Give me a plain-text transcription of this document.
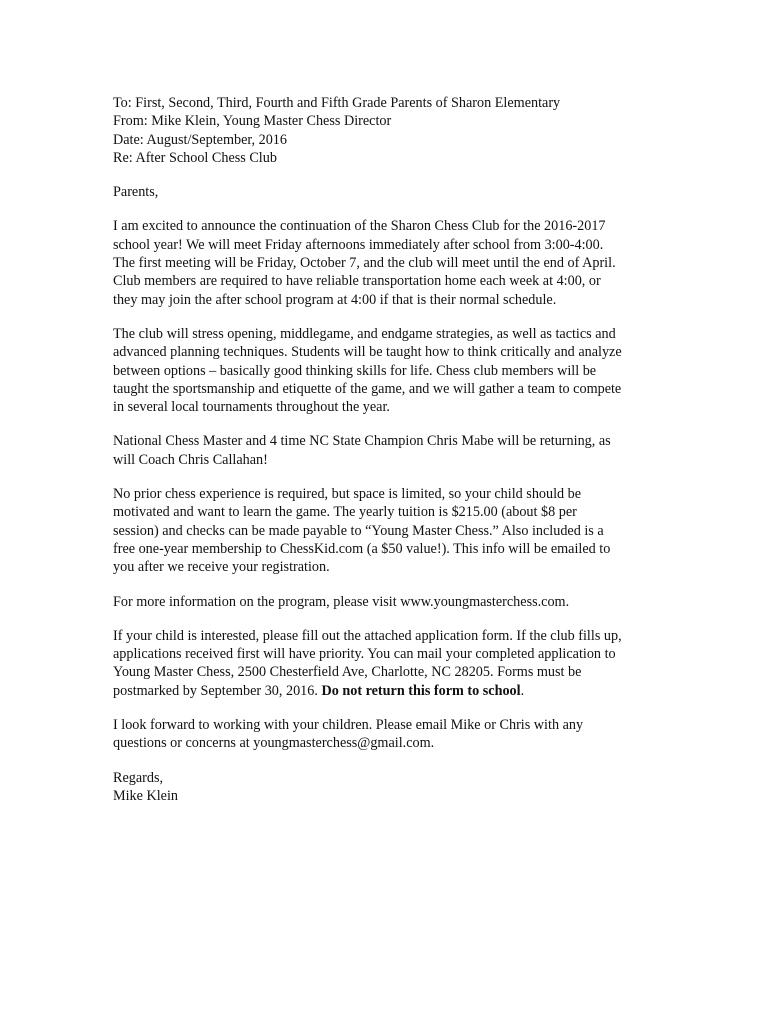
To: First, Second, Third, Fourth and Fifth Grade Parents of Sharon Elementary
From: Mike Klein, Young Master Chess Director
Date: August/September, 2016
Re: After School Chess Club

Parents,

I am excited to announce the continuation of the Sharon Chess Club for the 2016-2017
school year! We will meet Friday afternoons immediately after school from 3:00-4:00.
The first meeting will be Friday, October 7, and the club will meet until the end of April.
Club members are required to have reliable transportation home each week at 4:00, or
they may join the after school program at 4:00 if that is their normal schedule.

The club will stress opening, middlegame, and endgame strategies, as well as tactics and
advanced planning techniques. Students will be taught how to think critically and analyze
between options – basically good thinking skills for life. Chess club members will be
taught the sportsmanship and etiquette of the game, and we will gather a team to compete
in several local tournaments throughout the year.

National Chess Master and 4 time NC State Champion Chris Mabe will be returning, as
will Coach Chris Callahan!

No prior chess experience is required, but space is limited, so your child should be
motivated and want to learn the game. The yearly tuition is $215.00 (about $8 per
session) and checks can be made payable to “Young Master Chess.” Also included is a
free one-year membership to ChessKid.com (a $50 value!). This info will be emailed to
you after we receive your registration.

For more information on the program, please visit www.youngmasterchess.com.

If your child is interested, please fill out the attached application form. If the club fills up,
applications received first will have priority. You can mail your completed application to
Young Master Chess, 2500 Chesterfield Ave, Charlotte, NC 28205. Forms must be
postmarked by September 30, 2016. Do not return this form to school.

I look forward to working with your children. Please email Mike or Chris with any
questions or concerns at youngmasterchess@gmail.com.

Regards,
Mike Klein
